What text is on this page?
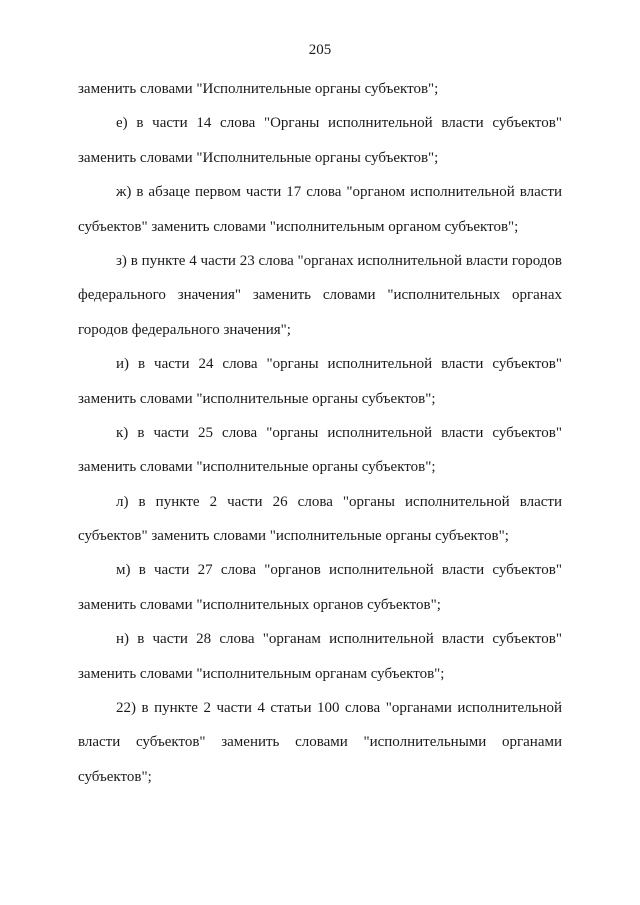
205
заменить словами "Исполнительные органы субъектов";
е) в части 14 слова "Органы исполнительной власти субъектов"
заменить словами "Исполнительные органы субъектов";
ж) в абзаце первом части 17 слова "органом исполнительной власти
субъектов" заменить словами "исполнительным органом субъектов";
з) в пункте 4 части 23 слова "органах исполнительной власти городов
федерального значения" заменить словами "исполнительных органах
городов федерального значения";
и) в части 24 слова "органы исполнительной власти субъектов"
заменить словами "исполнительные органы субъектов";
к) в части 25 слова "органы исполнительной власти субъектов"
заменить словами "исполнительные органы субъектов";
л) в пункте 2 части 26 слова "органы исполнительной власти
субъектов" заменить словами "исполнительные органы субъектов";
м) в части 27 слова "органов исполнительной власти субъектов"
заменить словами "исполнительных органов субъектов";
н) в части 28 слова "органам исполнительной власти субъектов"
заменить словами "исполнительным органам субъектов";
22) в пункте 2 части 4 статьи 100 слова "органами исполнительной
власти субъектов" заменить словами "исполнительными органами
субъектов";
